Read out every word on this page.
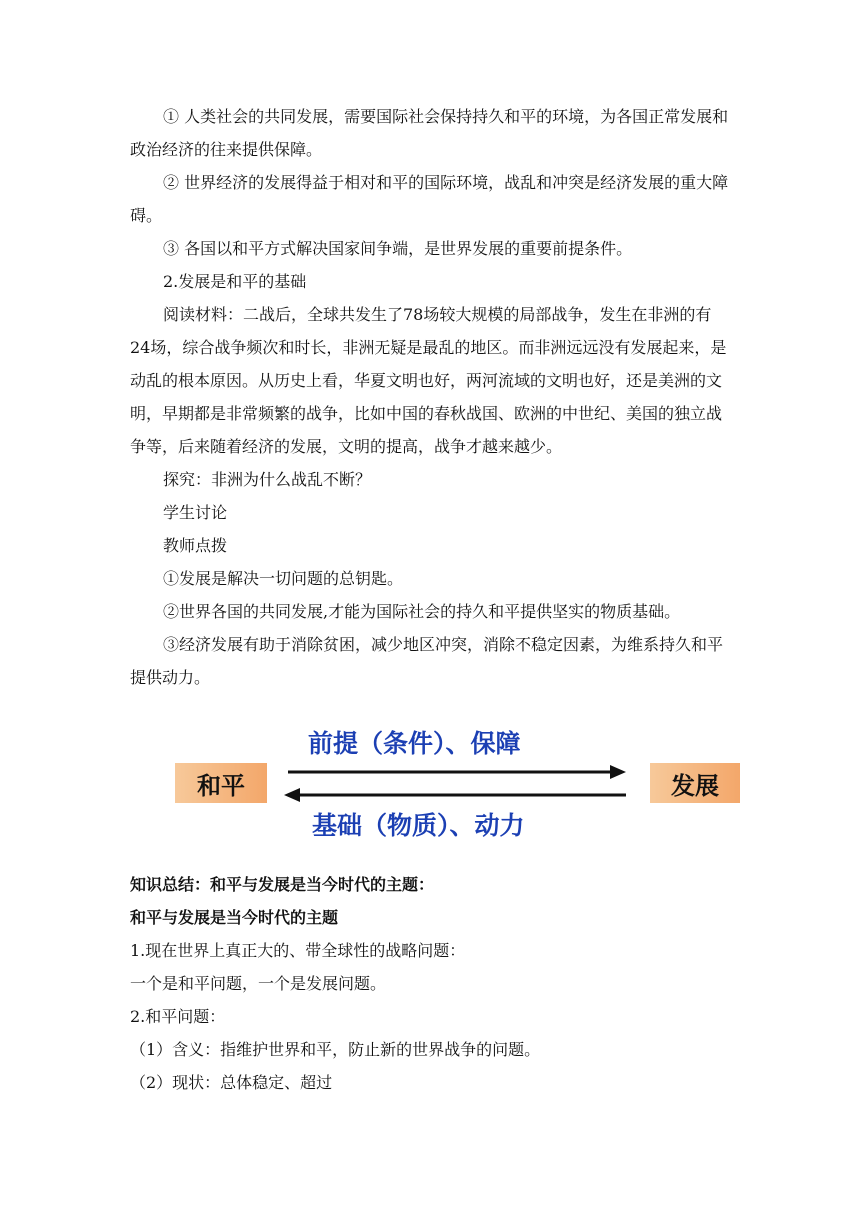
① 人类社会的共同发展，需要国际社会保持持久和平的环境，为各国正常发展和政治经济的往来提供保障。

② 世界经济的发展得益于相对和平的国际环境，战乱和冲突是经济发展的重大障碍。

③ 各国以和平方式解决国家间争端，是世界发展的重要前提条件。

2.发展是和平的基础

阅读材料：二战后，全球共发生了78场较大规模的局部战争，发生在非洲的有24场，综合战争频次和时长，非洲无疑是最乱的地区。而非洲远远没有发展起来，是动乱的根本原因。从历史上看，华夏文明也好，两河流域的文明也好，还是美洲的文明，早期都是非常频繁的战争，比如中国的春秋战国、欧洲的中世纪、美国的独立战争等，后来随着经济的发展，文明的提高，战争才越来越少。

探究：非洲为什么战乱不断？

学生讨论

教师点拨

①发展是解决一切问题的总钥匙。

②世界各国的共同发展,才能为国际社会的持久和平提供坚实的物质基础。

③经济发展有助于消除贫困，减少地区冲突，消除不稳定因素，为维系持久和平提供动力。

前提（条件）、保障
和平	发展
基础（物质）、动力

知识总结：和平与发展是当今时代的主题：

和平与发展是当今时代的主题

1.现在世界上真正大的、带全球性的战略问题：

一个是和平问题，一个是发展问题。

2.和平问题：

（1）含义：指维护世界和平，防止新的世界战争的问题。

（2）现状：总体稳定、超过
